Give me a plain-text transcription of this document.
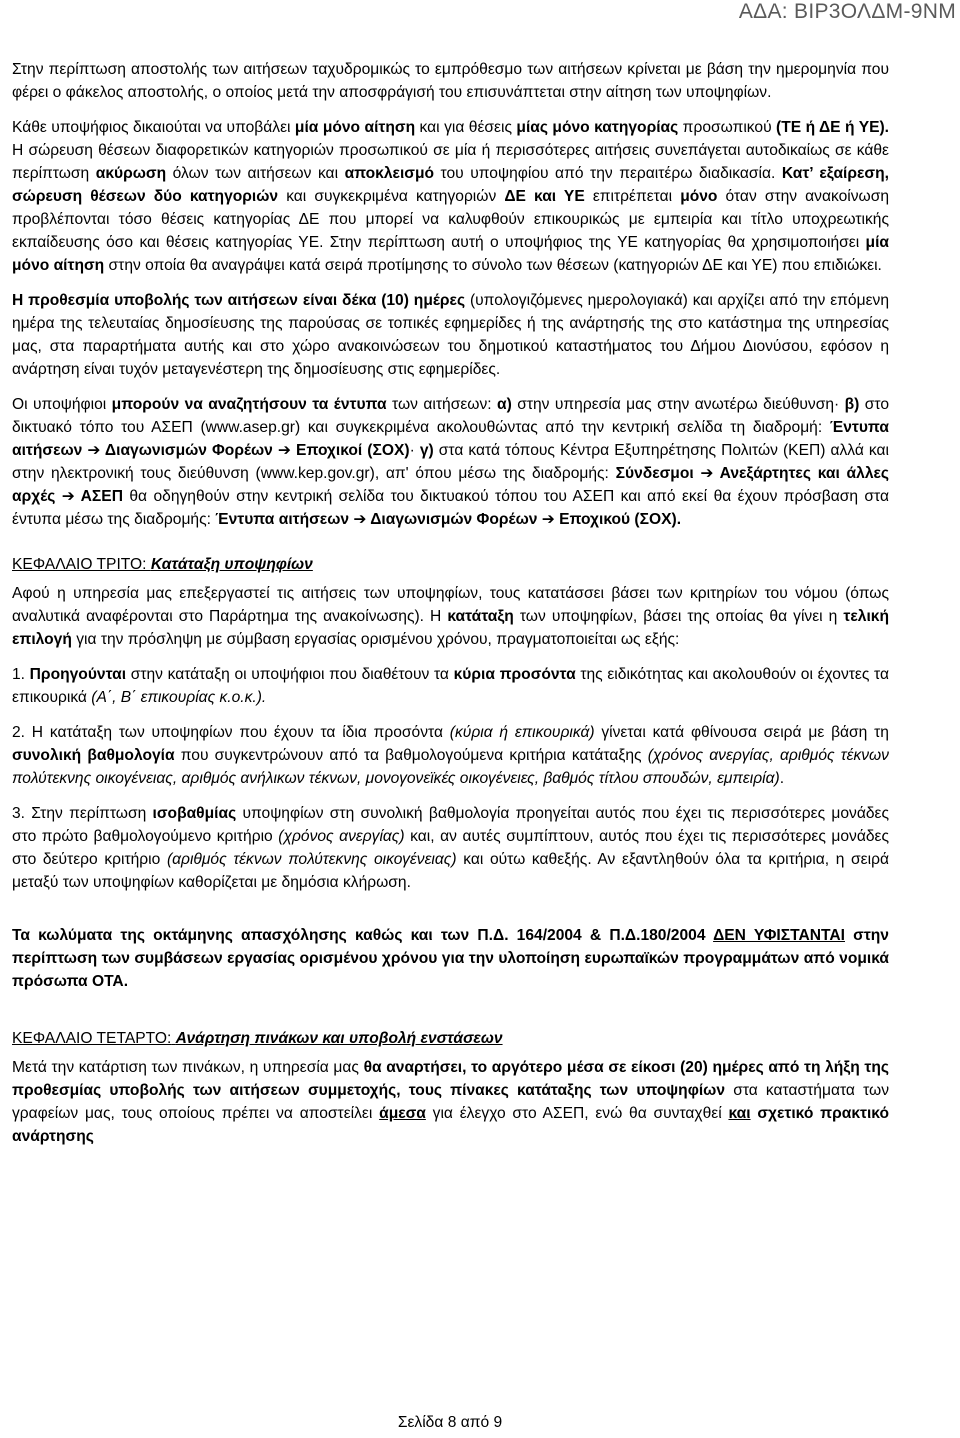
ΑΔΑ: ΒΙΡ3ΟΛΔΜ-9ΝΜ

Στην περίπτωση αποστολής των αιτήσεων ταχυδρομικώς το εμπρόθεσμο των αιτήσεων κρίνεται με βάση την ημερομηνία που φέρει ο φάκελος αποστολής, ο οποίος μετά την αποσφράγισή του επισυνάπτεται στην αίτηση των υποψηφίων.

Κάθε υποψήφιος δικαιούται να υποβάλει μία μόνο αίτηση και για θέσεις μίας μόνο κατηγορίας προσωπικού (ΤΕ ή ΔΕ ή ΥΕ). Η σώρευση θέσεων διαφορετικών κατηγοριών προσωπικού σε μία ή περισσότερες αιτήσεις συνεπάγεται αυτοδικαίως σε κάθε περίπτωση ακύρωση όλων των αιτήσεων και αποκλεισμό του υποψηφίου από την περαιτέρω διαδικασία. Κατ’ εξαίρεση, σώρευση θέσεων δύο κατηγοριών και συγκεκριμένα κατηγοριών ΔΕ και ΥΕ επιτρέπεται μόνο όταν στην ανακοίνωση προβλέπονται τόσο θέσεις κατηγορίας ΔΕ που μπορεί να καλυφθούν επικουρικώς με εμπειρία και τίτλο υποχρεωτικής εκπαίδευσης όσο και θέσεις κατηγορίας ΥΕ. Στην περίπτωση αυτή ο υποψήφιος της ΥΕ κατηγορίας θα χρησιμοποιήσει μία μόνο αίτηση στην οποία θα αναγράψει κατά σειρά προτίμησης το σύνολο των θέσεων (κατηγοριών ΔΕ και ΥΕ) που επιδιώκει.

Η προθεσμία υποβολής των αιτήσεων είναι δέκα (10) ημέρες (υπολογιζόμενες ημερολογιακά) και αρχίζει από την επόμενη ημέρα της τελευταίας δημοσίευσης της παρούσας σε τοπικές εφημερίδες ή της ανάρτησής της στο κατάστημα της υπηρεσίας μας, στα παραρτήματα αυτής και στο χώρο ανακοινώσεων του δημοτικού καταστήματος του Δήμου Διονύσου, εφόσον η ανάρτηση είναι τυχόν μεταγενέστερη της δημοσίευσης στις εφημερίδες.

Οι υποψήφιοι μπορούν να αναζητήσουν τα έντυπα των αιτήσεων: α) στην υπηρεσία μας στην ανωτέρω διεύθυνση· β) στο δικτυακό τόπο του ΑΣΕΠ (www.asep.gr) και συγκεκριμένα ακολουθώντας από την κεντρική σελίδα τη διαδρομή: Έντυπα αιτήσεων ➔ Διαγωνισμών Φορέων ➔ Εποχικοί (ΣΟΧ)· γ) στα κατά τόπους Κέντρα Εξυπηρέτησης Πολιτών (ΚΕΠ) αλλά και στην ηλεκτρονική τους διεύθυνση (www.kep.gov.gr), απ' όπου μέσω της διαδρομής: Σύνδεσμοι ➔ Ανεξάρτητες και άλλες αρχές ➔ ΑΣΕΠ θα οδηγηθούν στην κεντρική σελίδα του δικτυακού τόπου του ΑΣΕΠ και από εκεί θα έχουν πρόσβαση στα έντυπα μέσω της διαδρομής: Έντυπα αιτήσεων ➔ Διαγωνισμών Φορέων ➔ Εποχικού (ΣΟΧ).

ΚΕΦΑΛΑΙΟ ΤΡΙΤΟ: Κατάταξη υποψηφίων

Αφού η υπηρεσία μας επεξεργαστεί τις αιτήσεις των υποψηφίων, τους κατατάσσει βάσει των κριτηρίων του νόμου (όπως αναλυτικά αναφέρονται στο Παράρτημα της ανακοίνωσης). Η κατάταξη των υποψηφίων, βάσει της οποίας θα γίνει η τελική επιλογή για την πρόσληψη με σύμβαση εργασίας ορισμένου χρόνου, πραγματοποιείται ως εξής:

1. Προηγούνται στην κατάταξη οι υποψήφιοι που διαθέτουν τα κύρια προσόντα της ειδικότητας και ακολουθούν οι έχοντες τα επικουρικά (Α΄, Β΄ επικουρίας κ.ο.κ.).

2. Η κατάταξη των υποψηφίων που έχουν τα ίδια προσόντα (κύρια ή επικουρικά) γίνεται κατά φθίνουσα σειρά με βάση τη συνολική βαθμολογία που συγκεντρώνουν από τα βαθμολογούμενα κριτήρια κατάταξης (χρόνος ανεργίας, αριθμός τέκνων πολύτεκνης οικογένειας, αριθμός ανήλικων τέκνων, μονογονεϊκές οικογένειες, βαθμός τίτλου σπουδών, εμπειρία).

3. Στην περίπτωση ισοβαθμίας υποψηφίων στη συνολική βαθμολογία προηγείται αυτός που έχει τις περισσότερες μονάδες στο πρώτο βαθμολογούμενο κριτήριο (χρόνος ανεργίας) και, αν αυτές συμπίπτουν, αυτός που έχει τις περισσότερες μονάδες στο δεύτερο κριτήριο (αριθμός τέκνων πολύτεκνης οικογένειας) και ούτω καθεξής. Αν εξαντληθούν όλα τα κριτήρια, η σειρά μεταξύ των υποψηφίων καθορίζεται με δημόσια κλήρωση.

Τα κωλύματα της οκτάμηνης απασχόλησης καθώς και των Π.Δ. 164/2004 & Π.Δ.180/2004 ΔΕΝ ΥΦΙΣΤΑΝΤΑΙ στην περίπτωση των συμβάσεων εργασίας ορισμένου χρόνου για την υλοποίηση ευρωπαϊκών προγραμμάτων από νομικά πρόσωπα ΟΤΑ.

ΚΕΦΑΛΑΙΟ ΤΕΤΑΡΤΟ: Ανάρτηση πινάκων και υποβολή ενστάσεων

Μετά την κατάρτιση των πινάκων, η υπηρεσία μας θα αναρτήσει, το αργότερο μέσα σε είκοσι (20) ημέρες από τη λήξη της προθεσμίας υποβολής των αιτήσεων συμμετοχής, τους πίνακες κατάταξης των υποψηφίων στα καταστήματα των γραφείων μας, τους οποίους πρέπει να αποστείλει άμεσα για έλεγχο στο ΑΣΕΠ, ενώ θα συνταχθεί και σχετικό πρακτικό ανάρτησης

Σελίδα 8 από 9
